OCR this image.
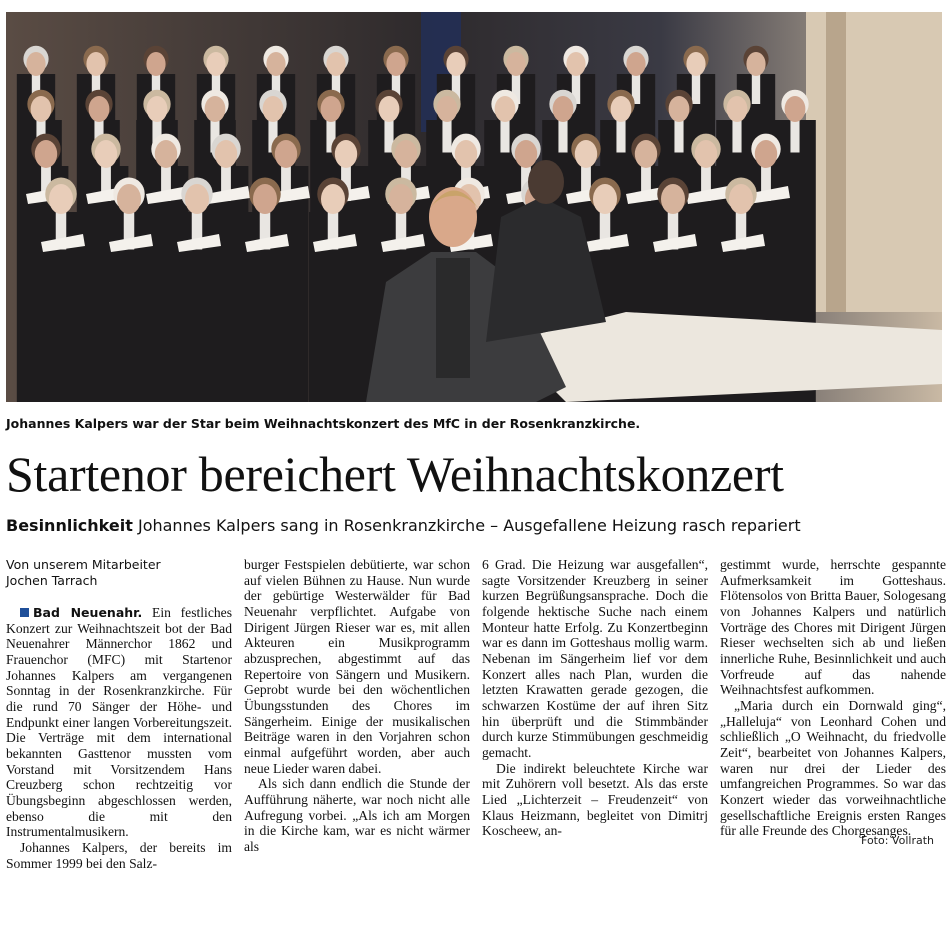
Johannes Kalpers war der Star beim Weihnachtskonzert des MfC in der Rosenkranzkirche.
Foto: Vollrath
Startenor bereichert Weihnachtskonzert
Besinnlichkeit Johannes Kalpers sang in Rosenkranzkirche – Ausgefallene Heizung rasch repariert

Von unserem Mitarbeiter
Jochen Tarrach

Bad Neuenahr. Ein festliches Konzert zur Weihnachtszeit bot der Bad Neuenahrer Männerchor 1862 und Frauenchor (MFC) mit Startenor Johannes Kalpers am vergangenen Sonntag in der Rosenkranzkirche. Für die rund 70 Sänger der Höhe- und Endpunkt einer langen Vorbereitungszeit. Die Verträge mit dem international bekannten Gasttenor mussten vom Vorstand mit Vorsitzendem Hans Creuzberg schon rechtzeitig vor Übungsbeginn abgeschlossen werden, ebenso die mit den Instrumentalmusikern.

Johannes Kalpers, der bereits im Sommer 1999 bei den Salz-

burger Festspielen debütierte, war schon auf vielen Bühnen zu Hause. Nun wurde der gebürtige Westerwälder für Bad Neuenahr verpflichtet. Aufgabe von Dirigent Jürgen Rieser war es, mit allen Akteuren ein Musikprogramm abzusprechen, abgestimmt auf das Repertoire von Sängern und Musikern. Geprobt wurde bei den wöchentlichen Übungsstunden des Chores im Sängerheim. Einige der musikalischen Beiträge waren in den Vorjahren schon einmal aufgeführt worden, aber auch neue Lieder waren dabei.

Als sich dann endlich die Stunde der Aufführung näherte, war noch nicht alle Aufregung vorbei. „Als ich am Morgen in die Kirche kam, war es nicht wärmer als

6 Grad. Die Heizung war ausgefallen“, sagte Vorsitzender Kreuzberg in seiner kurzen Begrüßungsansprache. Doch die folgende hektische Suche nach einem Monteur hatte Erfolg. Zu Konzertbeginn war es dann im Gotteshaus mollig warm. Nebenan im Sängerheim lief vor dem Konzert alles nach Plan, wurden die letzten Krawatten gerade gezogen, die schwarzen Kostüme der auf ihren Sitz hin überprüft und die Stimmbänder durch kurze Stimmübungen geschmeidig gemacht.

Die indirekt beleuchtete Kirche war mit Zuhörern voll besetzt. Als das erste Lied „Lichterzeit – Freudenzeit“ von Klaus Heizmann, begleitet von Dimitrj Koscheew, an-

gestimmt wurde, herrschte gespannte Aufmerksamkeit im Gotteshaus. Flötensolos von Britta Bauer, Sologesang von Johannes Kalpers und natürlich Vorträge des Chores mit Dirigent Jürgen Rieser wechselten sich ab und ließen innerliche Ruhe, Besinnlichkeit und auch Vorfreude auf das nahende Weihnachtsfest aufkommen.

„Maria durch ein Dornwald ging“, „Halleluja“ von Leonhard Cohen und schließlich „O Weihnacht, du friedvolle Zeit“, bearbeitet von Johannes Kalpers, waren nur drei der Lieder des umfangreichen Programmes. So war das Konzert wieder das vorweihnachtliche gesellschaftliche Ereignis ersten Ranges für alle Freunde des Chorgesanges.
